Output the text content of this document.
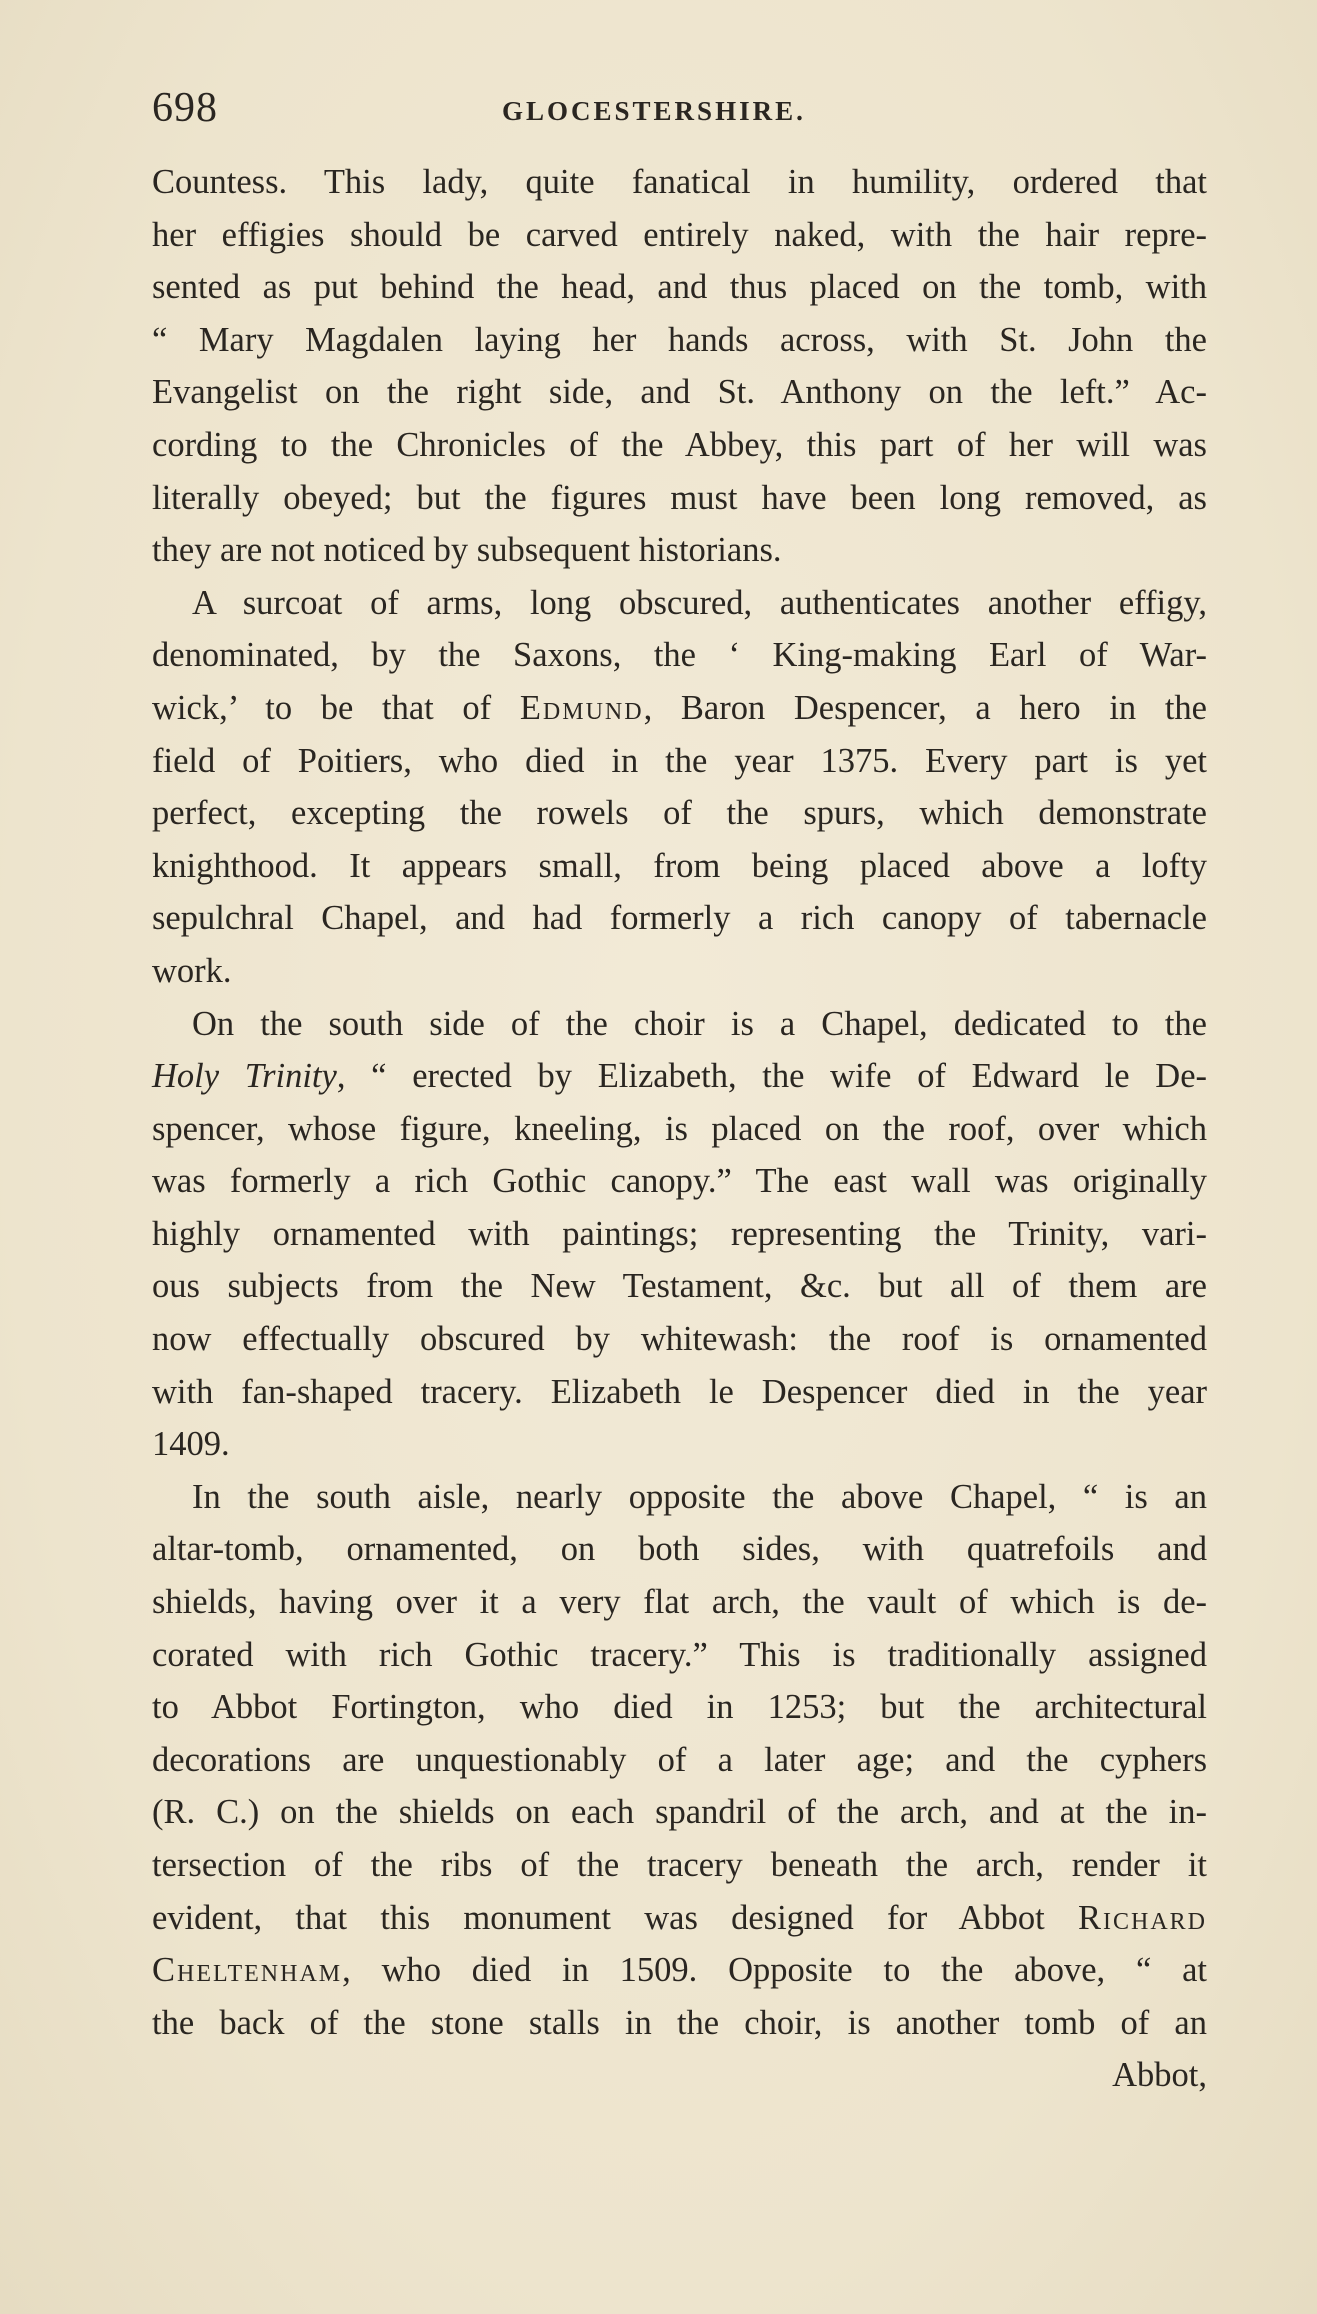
698	GLOCESTERSHIRE.
Countess. This lady, quite fanatical in humility, ordered that
her effigies should be carved entirely naked, with the hair repre-
sented as put behind the head, and thus placed on the tomb, with
“ Mary Magdalen laying her hands across, with St. John the
Evangelist on the right side, and St. Anthony on the left.” Ac-
cording to the Chronicles of the Abbey, this part of her will was
literally obeyed; but the figures must have been long removed, as
they are not noticed by subsequent historians.
A surcoat of arms, long obscured, authenticates another effigy,
denominated, by the Saxons, the ‘ King-making Earl of War-
wick,’ to be that of Edmund, Baron Despencer, a hero in the
field of Poitiers, who died in the year 1375. Every part is yet
perfect, excepting the rowels of the spurs, which demonstrate
knighthood. It appears small, from being placed above a lofty
sepulchral Chapel, and had formerly a rich canopy of tabernacle
work.
On the south side of the choir is a Chapel, dedicated to the
Holy Trinity, “ erected by Elizabeth, the wife of Edward le De-
spencer, whose figure, kneeling, is placed on the roof, over which
was formerly a rich Gothic canopy.” The east wall was originally
highly ornamented with paintings; representing the Trinity, vari-
ous subjects from the New Testament, &c. but all of them are
now effectually obscured by whitewash: the roof is ornamented
with fan-shaped tracery. Elizabeth le Despencer died in the year
1409.
In the south aisle, nearly opposite the above Chapel, “ is an
altar-tomb, ornamented, on both sides, with quatrefoils and
shields, having over it a very flat arch, the vault of which is de-
corated with rich Gothic tracery.” This is traditionally assigned
to Abbot Fortington, who died in 1253; but the architectural
decorations are unquestionably of a later age; and the cyphers
(R. C.) on the shields on each spandril of the arch, and at the in-
tersection of the ribs of the tracery beneath the arch, render it
evident, that this monument was designed for Abbot Richard
Cheltenham, who died in 1509. Opposite to the above, “ at
the back of the stone stalls in the choir, is another tomb of an
Abbot,
